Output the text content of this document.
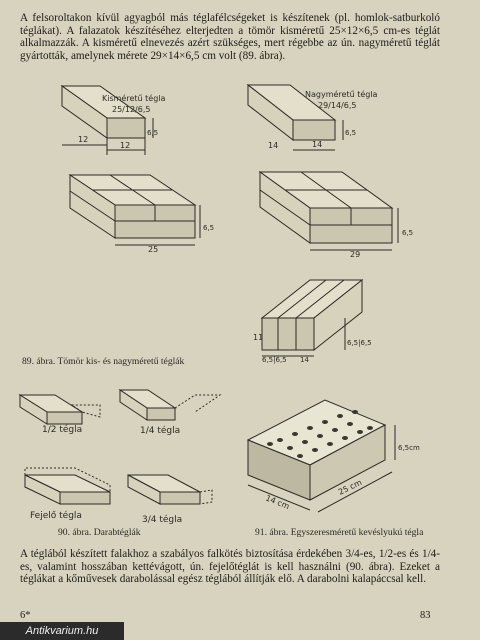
A felsoroltakon kívül agyagból más téglafélcségeket is készítenek (pl. homlok-satburkoló téglákat). A falazatok készítéséhez elterjedten a tömör kisméretű 25×12×6,5 cm-es téglát alkalmazzák. A kisméretű elnevezés azért szükséges, mert régebbe az ún. nagyméretű téglát gyártották, amelynek mérete 29×14×6,5 cm volt (89. ábra).
Kisméretű tégla
25/12/6,5
Nagyméretű tégla
29/14/6,5
12
12
6,5
25
6,5
14
14
6,5
29
6,5
11
6,5|6,5 14
6,5|6,5
1/2 tégla	1/4 tégla
Fejelő tégla	3/4 tégla
14 cm
25 cm
6,5cm
89. ábra. Tömör kis- és nagyméretű téglák
90. ábra. Darabtéglák	91. ábra. Egyszeresméretű kevéslyukú tégla
A téglából készített falakhoz a szabályos falkötés biztosítása érdekében 3/4-es, 1/2-es és 1/4-es, valamint hosszában kettévágott, ún. fejelőtéglát is kell használni (90. ábra). Ezeket a téglákat a kőművesek darabolással egész téglából állítják elő. A darabolni kalapáccsal kell.
6*	83
Antikvarium.hu
